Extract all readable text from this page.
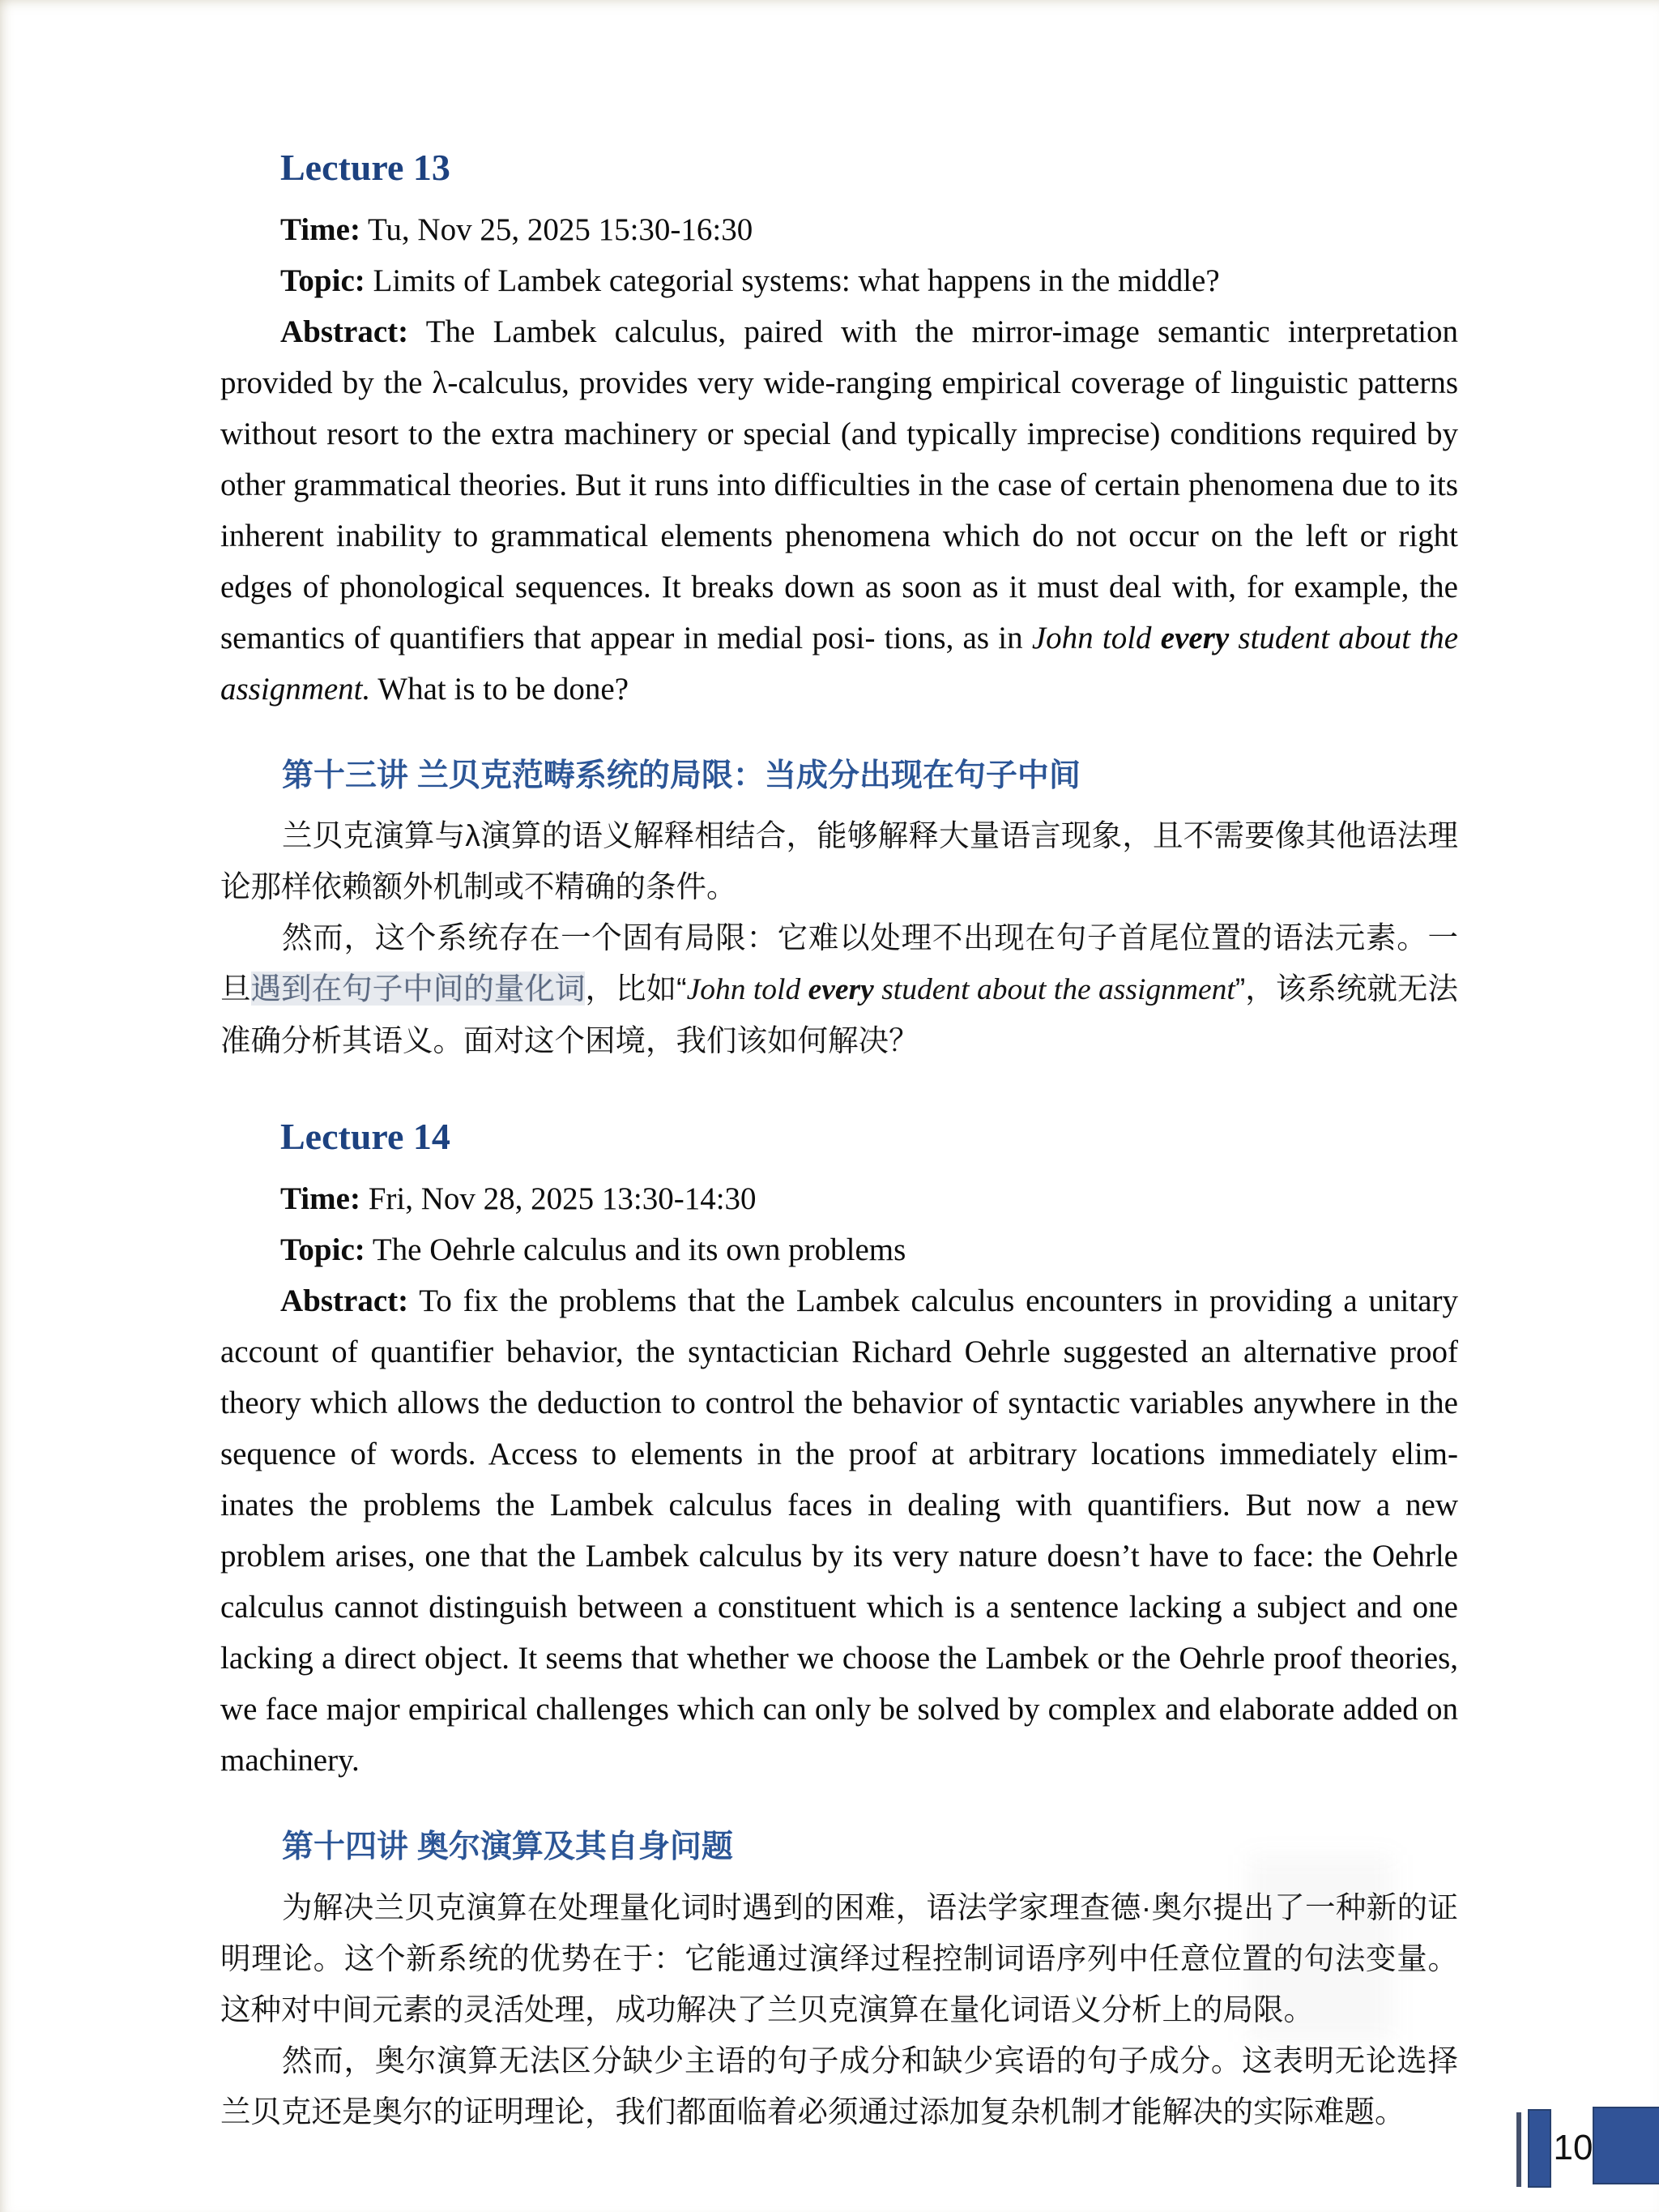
Lecture 13

Time: Tu, Nov 25, 2025 15:30-16:30

Topic: Limits of Lambek categorial systems: what happens in the middle?

Abstract: The Lambek calculus, paired with the mirror-image semantic interpretation provided by the λ-calculus, provides very wide-ranging empirical coverage of linguistic patterns without resort to the extra machinery or special (and typically imprecise) conditions required by other grammatical theories. But it runs into difficulties in the case of certain phenomena due to its inherent inability to grammatical elements phenomena which do not occur on the left or right edges of phonological sequences. It breaks down as soon as it must deal with, for example, the semantics of quantifiers that appear in medial posi- tions, as in John told every student about the assignment. What is to be done?

第十三讲 兰贝克范畴系统的局限：当成分出现在句子中间

兰贝克演算与λ演算的语义解释相结合，能够解释大量语言现象，且不需要像其他语法理论那样依赖额外机制或不精确的条件。

然而，这个系统存在一个固有局限：它难以处理不出现在句子首尾位置的语法元素。一旦遇到在句子中间的量化词，比如“John told every student about the assignment”，该系统就无法准确分析其语义。面对这个困境，我们该如何解决？

Lecture 14

Time: Fri, Nov 28, 2025 13:30-14:30

Topic: The Oehrle calculus and its own problems

Abstract: To fix the problems that the Lambek calculus encounters in providing a unitary account of quantifier behavior, the syntactician Richard Oehrle suggested an alternative proof theory which allows the deduction to control the behavior of syntactic variables anywhere in the sequence of words. Access to elements in the proof at arbitrary locations immediately elim- inates the problems the Lambek calculus faces in dealing with quantifiers. But now a new problem arises, one that the Lambek calculus by its very nature doesn’t have to face: the Oehrle calculus cannot distinguish between a constituent which is a sentence lacking a subject and one lacking a direct object. It seems that whether we choose the Lambek or the Oehrle proof theories, we face major empirical challenges which can only be solved by complex and elaborate added on machinery.

第十四讲 奥尔演算及其自身问题

为解决兰贝克演算在处理量化词时遇到的困难，语法学家理查德·奥尔提出了一种新的证明理论。这个新系统的优势在于：它能通过演绎过程控制词语序列中任意位置的句法变量。这种对中间元素的灵活处理，成功解决了兰贝克演算在量化词语义分析上的局限。

然而，奥尔演算无法区分缺少主语的句子成分和缺少宾语的句子成分。这表明无论选择兰贝克还是奥尔的证明理论，我们都面临着必须通过添加复杂机制才能解决的实际难题。

10
